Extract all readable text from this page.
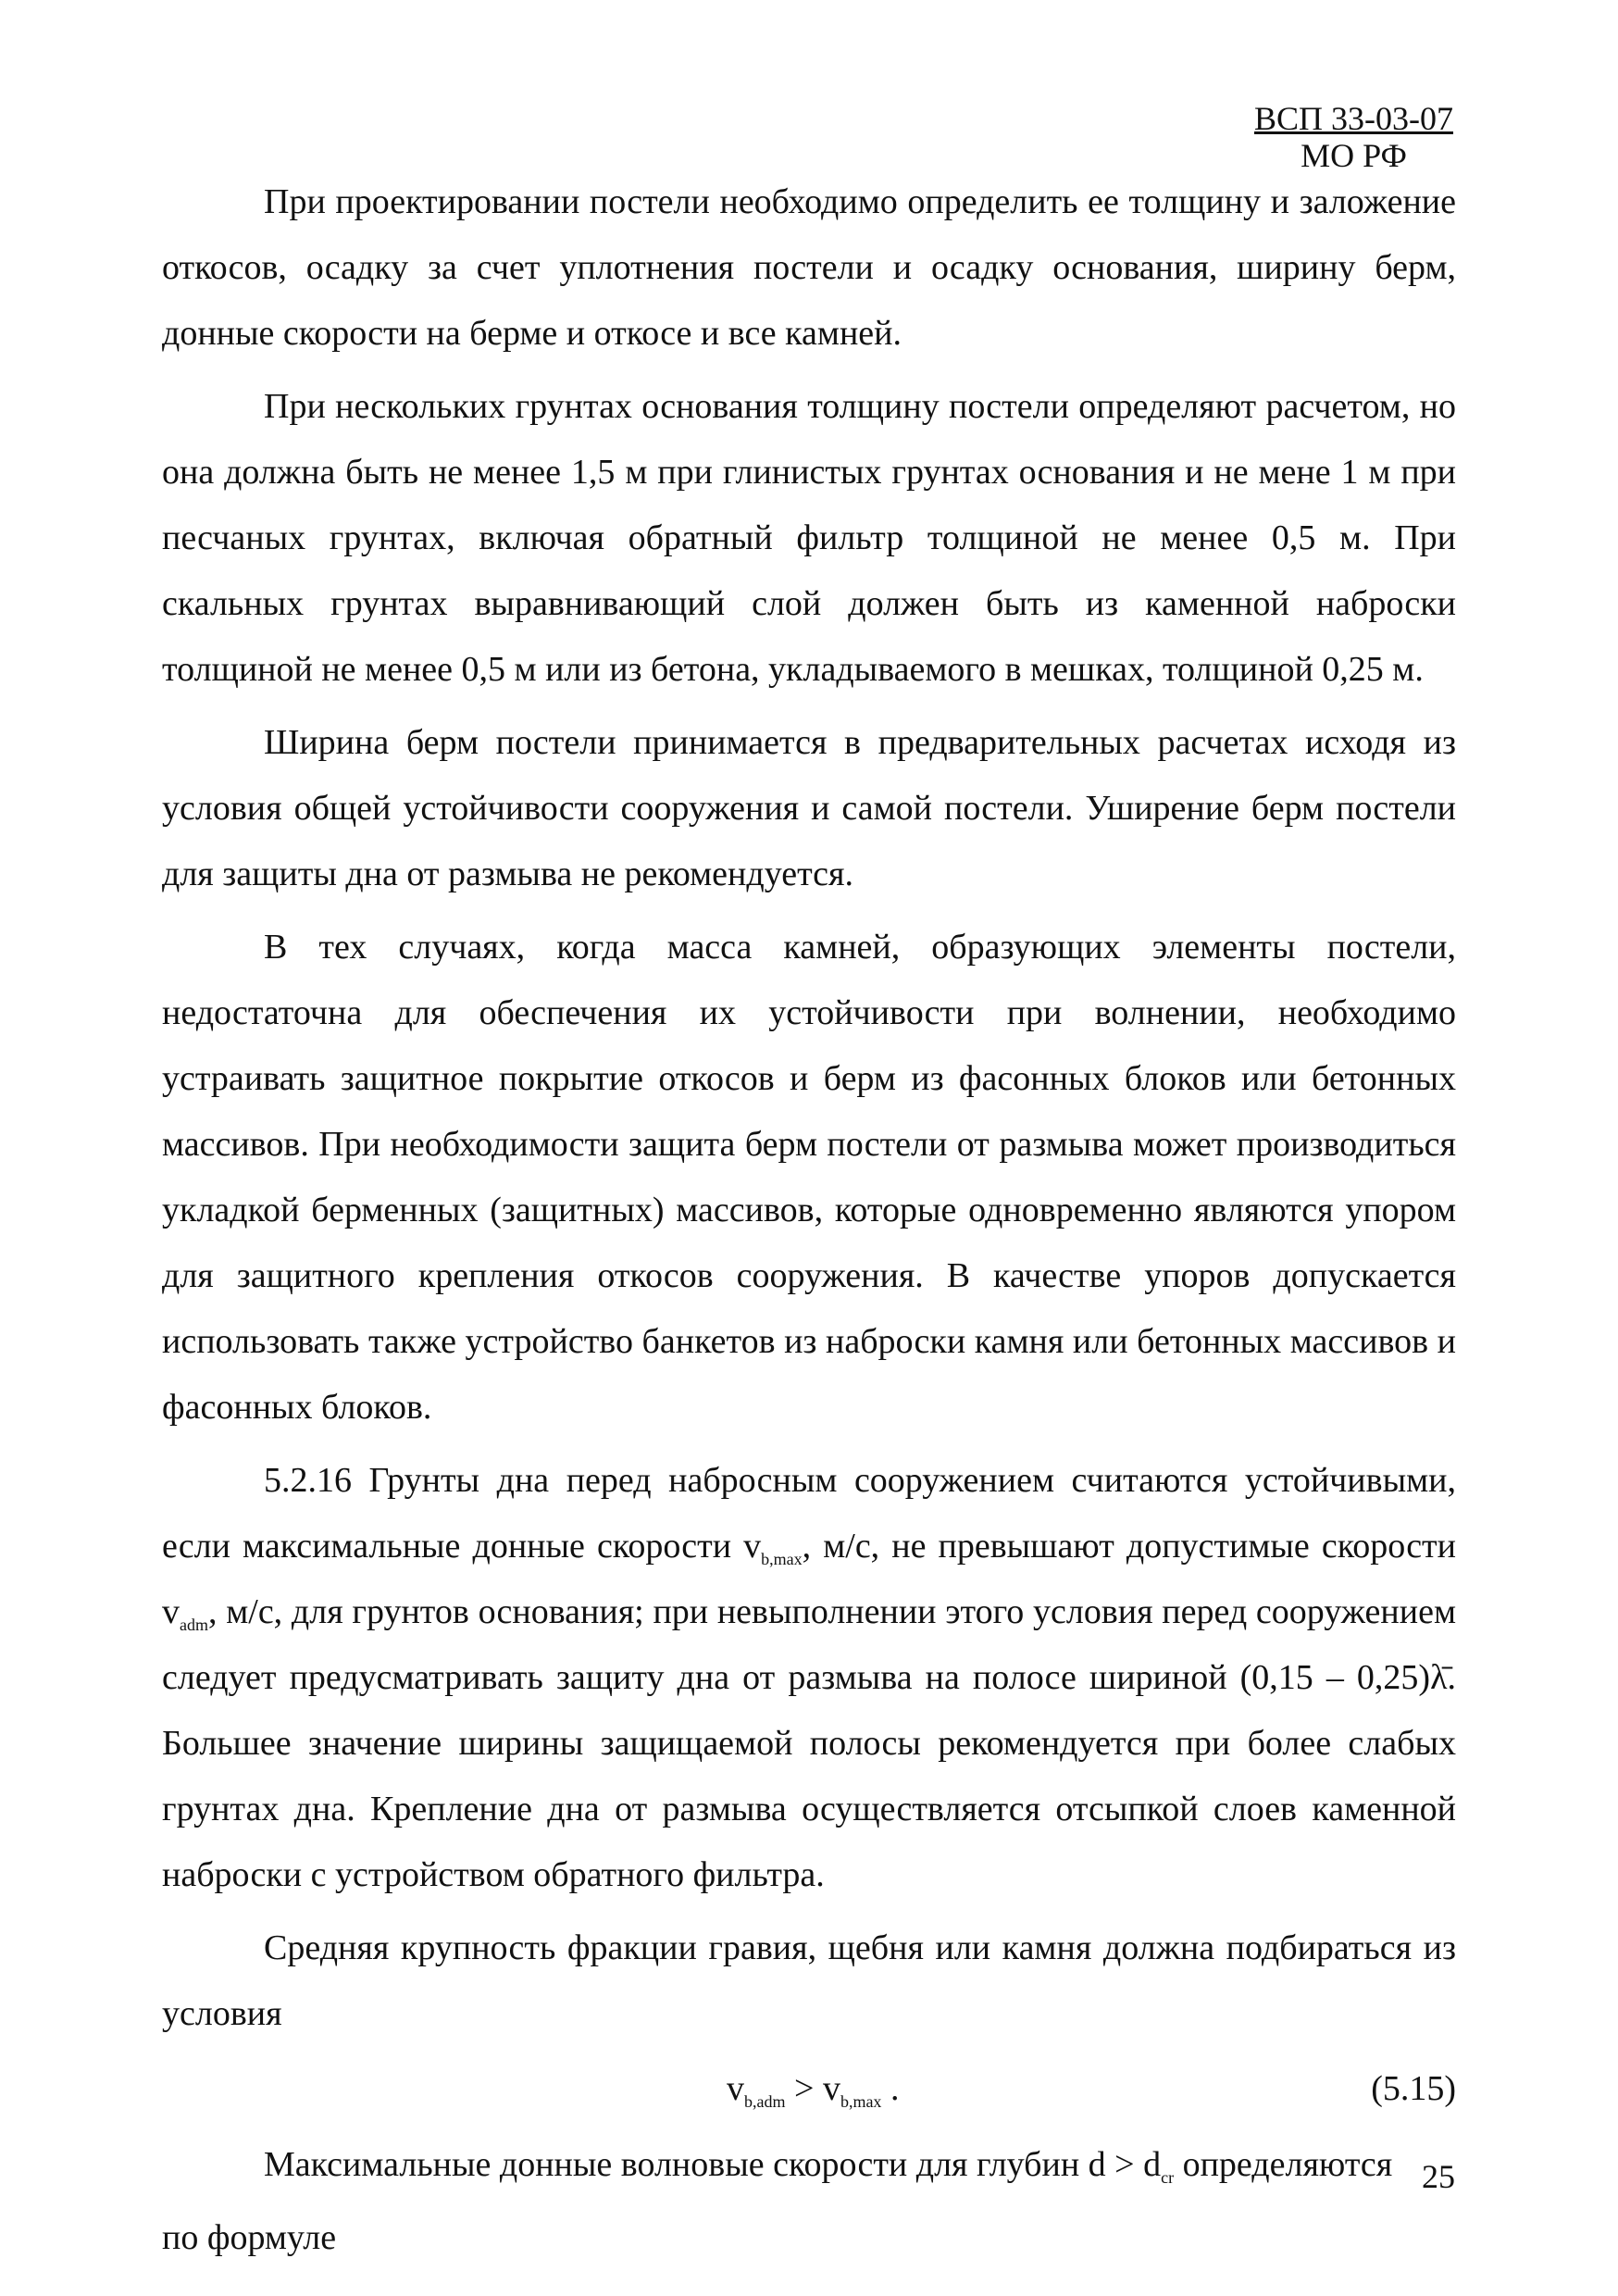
ВСП 33-03-07
МО РФ

При проектировании постели необходимо определить ее толщину и заложение откосов, осадку за счет уплотнения постели и осадку основания, ширину берм, донные скорости на берме и откосе и все камней.

При нескольких грунтах основания толщину постели определяют расчетом, но она должна быть не менее 1,5 м при глинистых грунтах основания и не мене 1 м при песчаных грунтах, включая обратный фильтр толщиной не менее 0,5 м. При скальных грунтах выравнивающий слой должен быть из каменной наброски толщиной не менее 0,5 м или из бетона, укладываемого в мешках, толщиной 0,25 м.

Ширина берм постели принимается в предварительных расчетах исходя из условия общей устойчивости сооружения и самой постели. Уширение берм постели для защиты дна от размыва не рекомендуется.

В тех случаях, когда масса камней, образующих элементы постели, недостаточна для обеспечения их устойчивости при волнении, необходимо устраивать защитное покрытие откосов и берм из фасонных блоков или бетонных массивов. При необходимости защита берм постели от размыва может производиться укладкой берменных (защитных) массивов, которые одновременно являются упором для защитного крепления откосов сооружения. В качестве упоров допускается использовать также устройство банкетов из наброски камня или бетонных массивов и фасонных блоков.

5.2.16 Грунты дна перед набросным сооружением считаются устойчивыми, если максимальные донные скорости $v_{b,max}$, м/с, не превышают допустимые скорости $v_{adm}$, м/с, для грунтов основания; при невыполнении этого условия перед сооружением следует предусматривать защиту дна от размыва на полосе шириной (0,15 – 0,25)λ̄. Большее значение ширины защищаемой полосы рекомендуется при более слабых грунтах дна. Крепление дна от размыва осуществляется отсыпкой слоев каменной наброски с устройством обратного фильтра.

Средняя крупность фракции гравия, щебня или камня должна подбираться из условия

$v_{b,adm} > v_{b,max}$ .	(5.15)

Максимальные донные волновые скорости для глубин $d > d_{cr}$ определяются

по формуле

25
